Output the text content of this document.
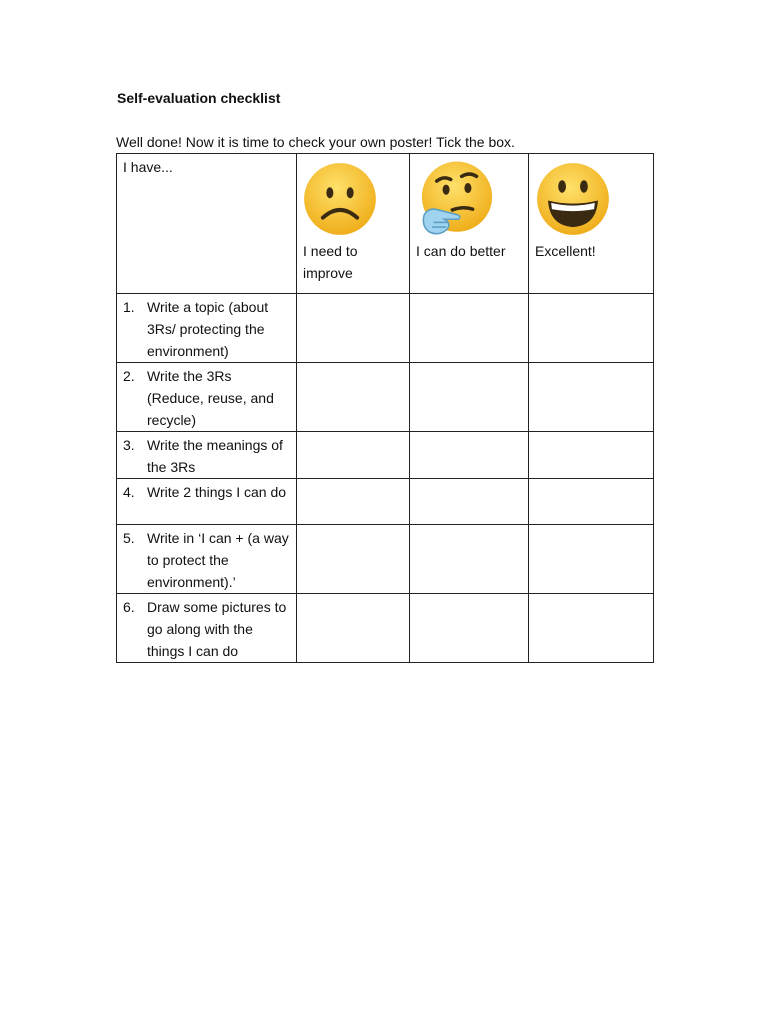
Self-evaluation checklist

Well done! Now it is time to check your own poster! Tick the box.

I have...	I need to improve	I can do better	Excellent!

1. Write a topic (about 3Rs/ protecting the environment)			

2. Write the 3Rs (Reduce, reuse, and recycle)			

3. Write the meanings of the 3Rs			

4. Write 2 things I can do			

5. Write in ‘I can + (a way to protect the environment).’			

6. Draw some pictures to go along with the things I can do			
